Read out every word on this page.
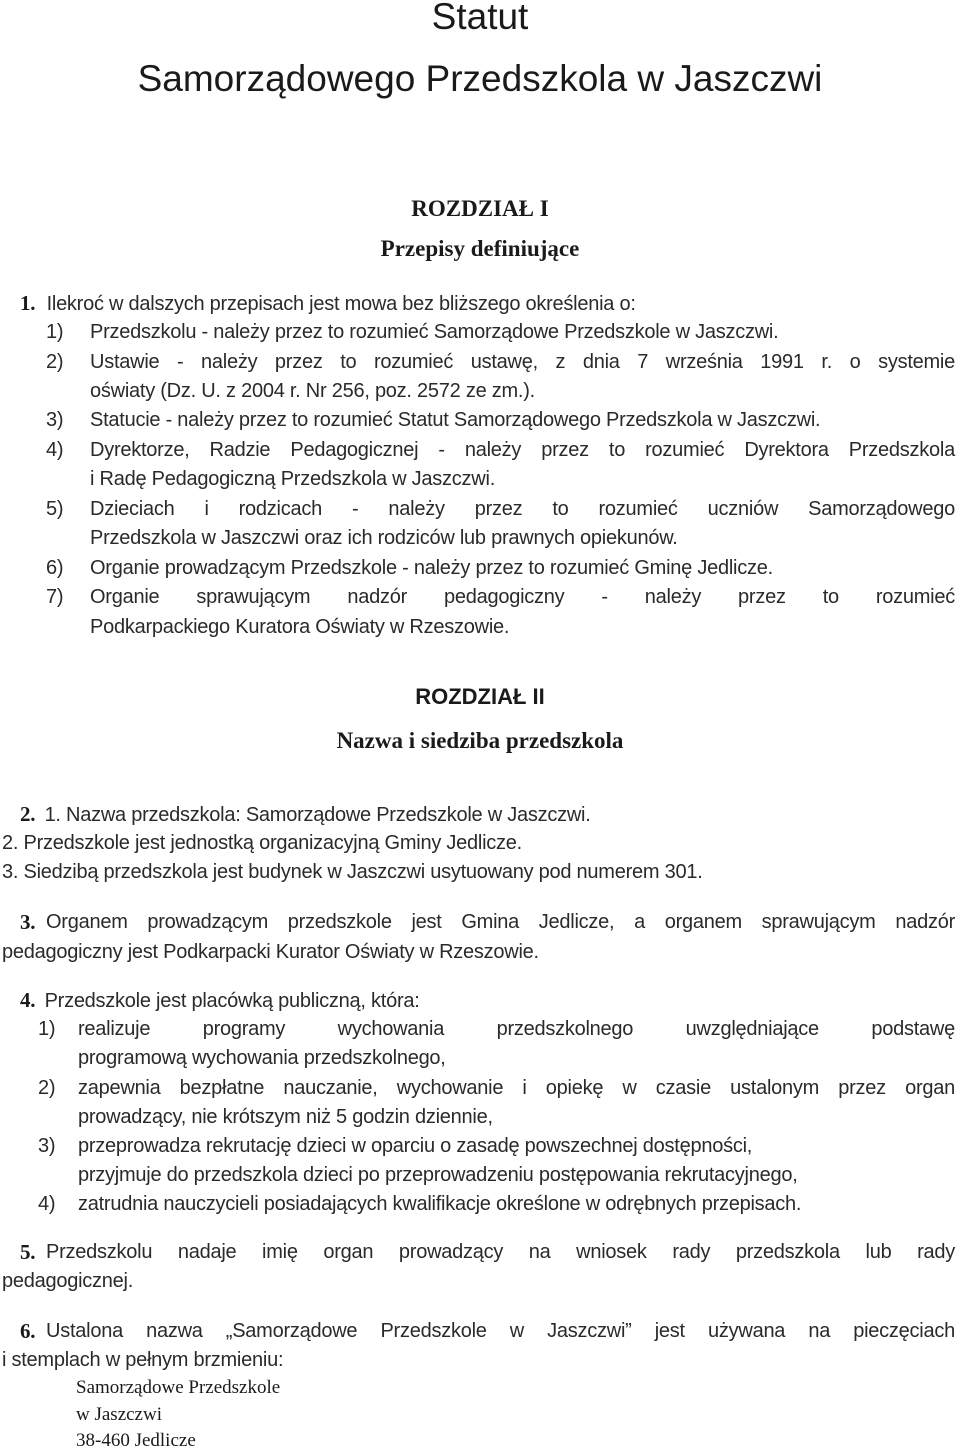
Statut
Samorządowego Przedszkola w Jaszczwi
ROZDZIAŁ I
Przepisy definiujące
1. Ilekroć w dalszych przepisach jest mowa bez bliższego określenia o:
1) Przedszkolu - należy przez to rozumieć Samorządowe Przedszkole w Jaszczwi.
2) Ustawie - należy przez to rozumieć ustawę, z dnia 7 września 1991 r. o systemie
oświaty (Dz. U. z 2004 r. Nr 256, poz. 2572 ze zm.).
3) Statucie - należy przez to rozumieć Statut Samorządowego Przedszkola w Jaszczwi.
4) Dyrektorze, Radzie Pedagogicznej - należy przez to rozumieć Dyrektora Przedszkola
i Radę Pedagogiczną Przedszkola w Jaszczwi.
5) Dzieciach i rodzicach - należy przez to rozumieć uczniów Samorządowego
Przedszkola w Jaszczwi oraz ich rodziców lub prawnych opiekunów.
6) Organie prowadzącym Przedszkole - należy przez to rozumieć Gminę Jedlicze.
7) Organie sprawującym nadzór pedagogiczny - należy przez to rozumieć
Podkarpackiego Kuratora Oświaty w Rzeszowie.
ROZDZIAŁ II
Nazwa i siedziba przedszkola
2. 1. Nazwa przedszkola: Samorządowe Przedszkole w Jaszczwi.
2. Przedszkole jest jednostką organizacyjną Gminy Jedlicze.
3. Siedzibą przedszkola jest budynek w Jaszczwi usytuowany pod numerem 301.
3. Organem prowadzącym przedszkole jest Gmina Jedlicze, a organem sprawującym nadzór
pedagogiczny jest Podkarpacki Kurator Oświaty w Rzeszowie.
4. Przedszkole jest placówką publiczną, która:
1) realizuje programy wychowania przedszkolnego uwzględniające podstawę
programową wychowania przedszkolnego,
2) zapewnia bezpłatne nauczanie, wychowanie i opiekę w czasie ustalonym przez organ
prowadzący, nie krótszym niż 5 godzin dziennie,
3) przeprowadza rekrutację dzieci w oparciu o zasadę powszechnej dostępności,
przyjmuje do przedszkola dzieci po przeprowadzeniu postępowania rekrutacyjnego,
4) zatrudnia nauczycieli posiadających kwalifikacje określone w odrębnych przepisach.
5. Przedszkolu nadaje imię organ prowadzący na wniosek rady przedszkola lub rady
pedagogicznej.
6. Ustalona nazwa „Samorządowe Przedszkole w Jaszczwi” jest używana na pieczęciach
i stemplach w pełnym brzmieniu:
Samorządowe Przedszkole
w Jaszczwi
38-460 Jedlicze
